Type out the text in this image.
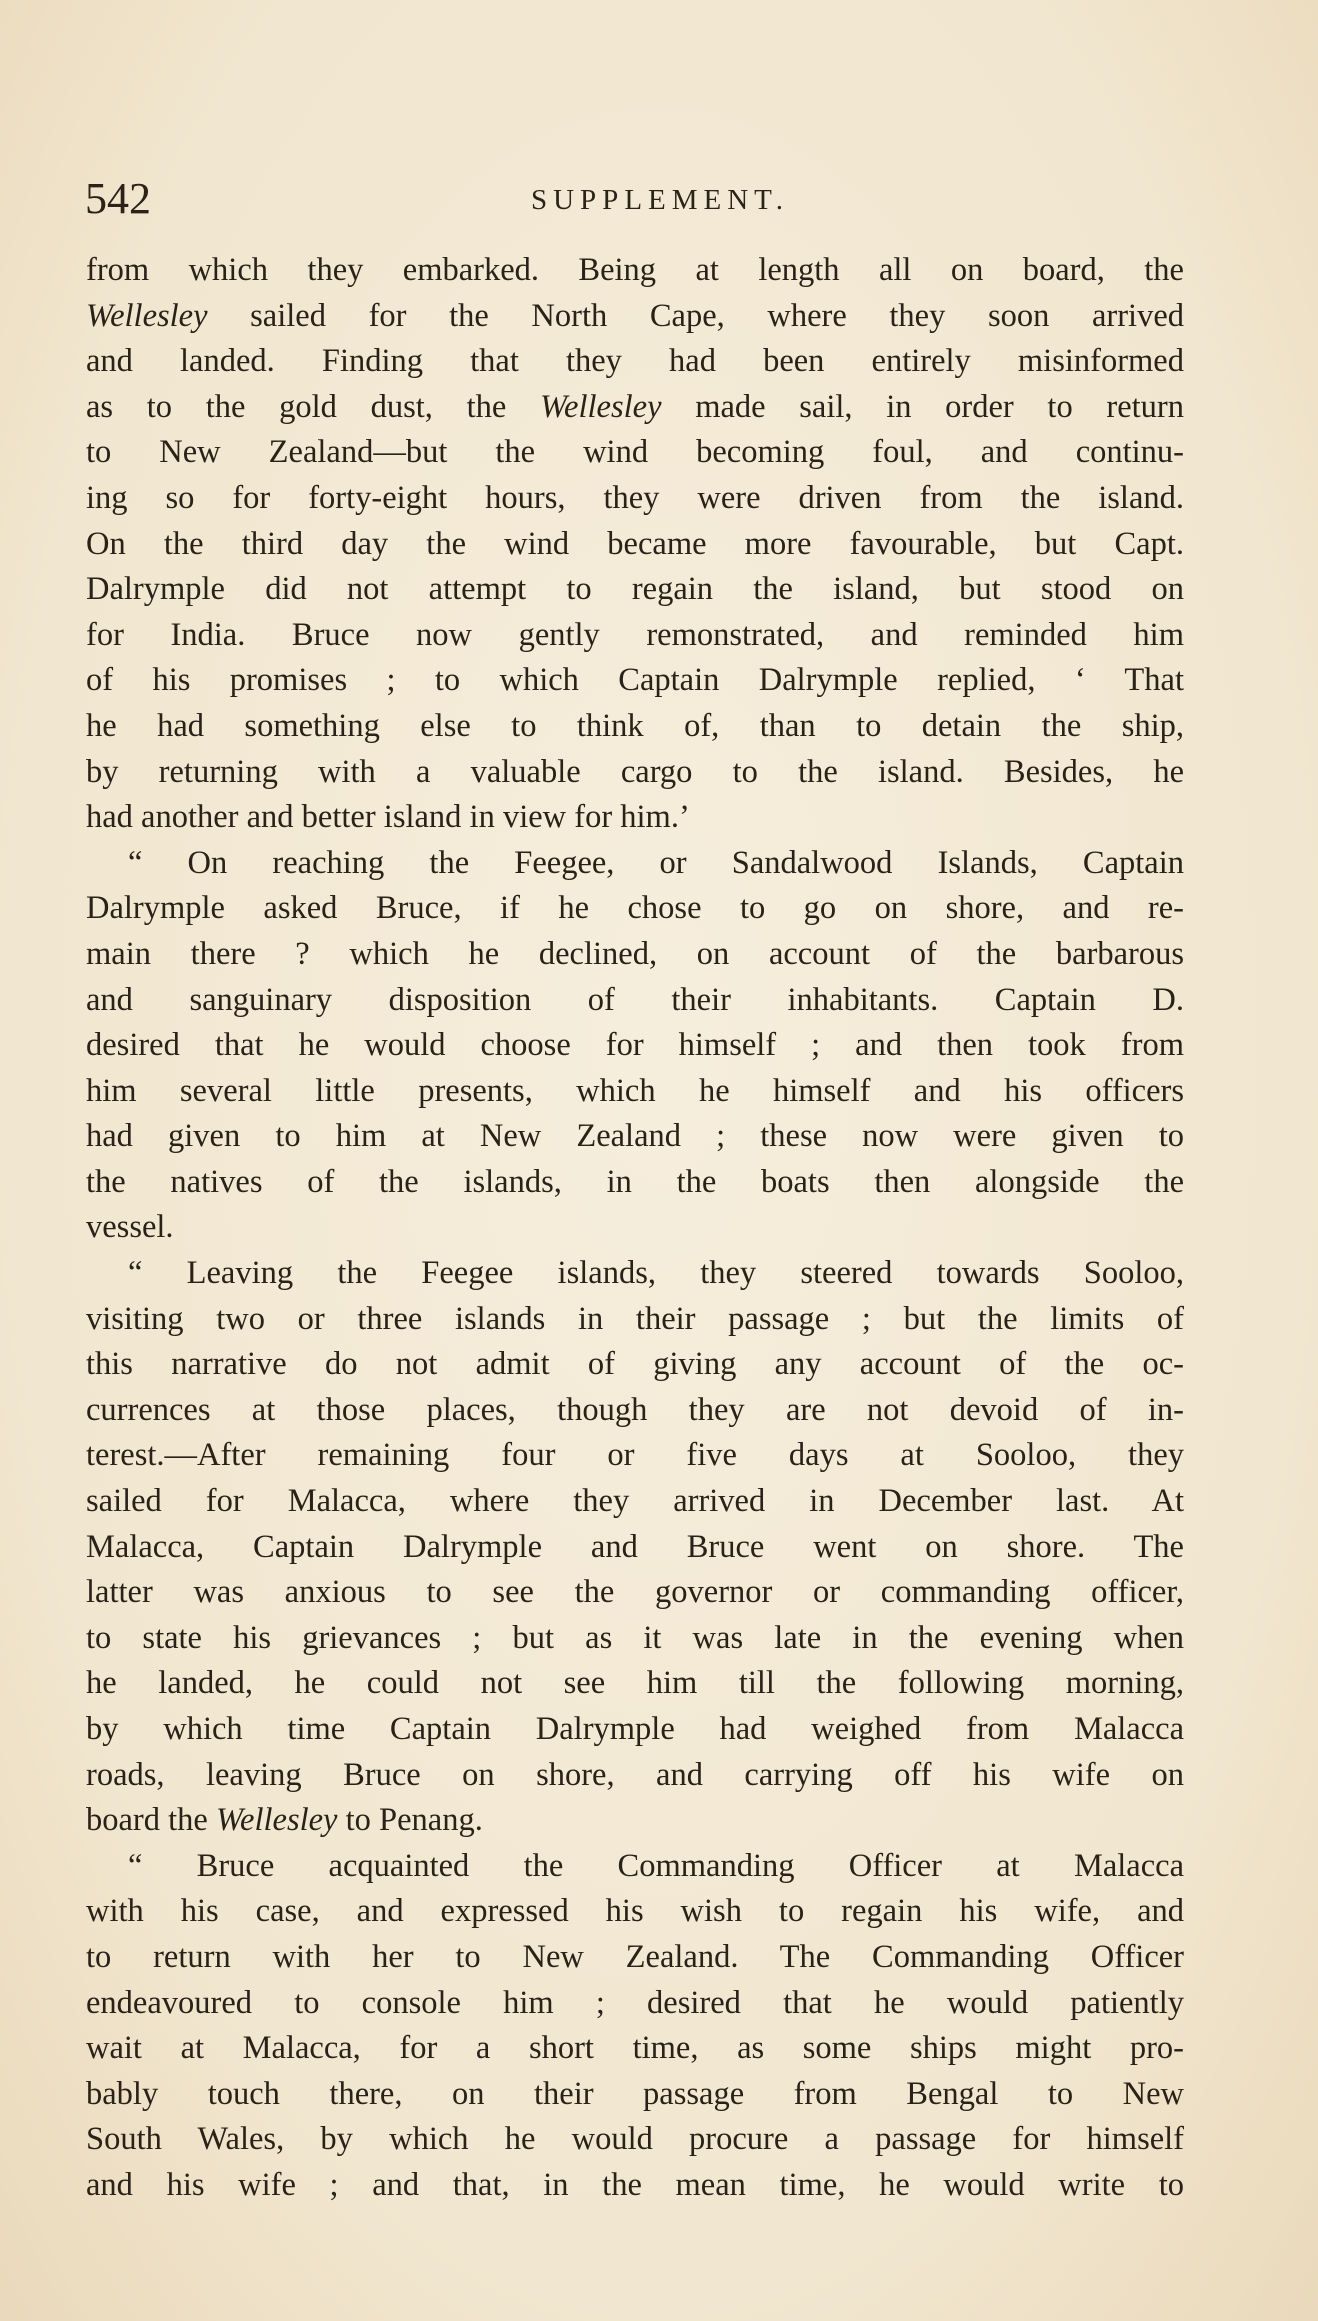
542	SUPPLEMENT.
from which they embarked. Being at length all on board, the
Wellesley sailed for the North Cape, where they soon arrived
and landed. Finding that they had been entirely misinformed
as to the gold dust, the Wellesley made sail, in order to return
to New Zealand—but the wind becoming foul, and continu-
ing so for forty-eight hours, they were driven from the island.
On the third day the wind became more favourable, but Capt.
Dalrymple did not attempt to regain the island, but stood on
for India. Bruce now gently remonstrated, and reminded him
of his promises ; to which Captain Dalrymple replied, ‘ That
he had something else to think of, than to detain the ship,
by returning with a valuable cargo to the island. Besides, he
had another and better island in view for him.’
“ On reaching the Feegee, or Sandalwood Islands, Captain
Dalrymple asked Bruce, if he chose to go on shore, and re-
main there ? which he declined, on account of the barbarous
and sanguinary disposition of their inhabitants. Captain D.
desired that he would choose for himself ; and then took from
him several little presents, which he himself and his officers
had given to him at New Zealand ; these now were given to
the natives of the islands, in the boats then alongside the
vessel.
“ Leaving the Feegee islands, they steered towards Sooloo,
visiting two or three islands in their passage ; but the limits of
this narrative do not admit of giving any account of the oc-
currences at those places, though they are not devoid of in-
terest.—After remaining four or five days at Sooloo, they
sailed for Malacca, where they arrived in December last. At
Malacca, Captain Dalrymple and Bruce went on shore. The
latter was anxious to see the governor or commanding officer,
to state his grievances ; but as it was late in the evening when
he landed, he could not see him till the following morning,
by which time Captain Dalrymple had weighed from Malacca
roads, leaving Bruce on shore, and carrying off his wife on
board the Wellesley to Penang.
“ Bruce acquainted the Commanding Officer at Malacca
with his case, and expressed his wish to regain his wife, and
to return with her to New Zealand. The Commanding Officer
endeavoured to console him ; desired that he would patiently
wait at Malacca, for a short time, as some ships might pro-
bably touch there, on their passage from Bengal to New
South Wales, by which he would procure a passage for himself
and his wife ; and that, in the mean time, he would write to
